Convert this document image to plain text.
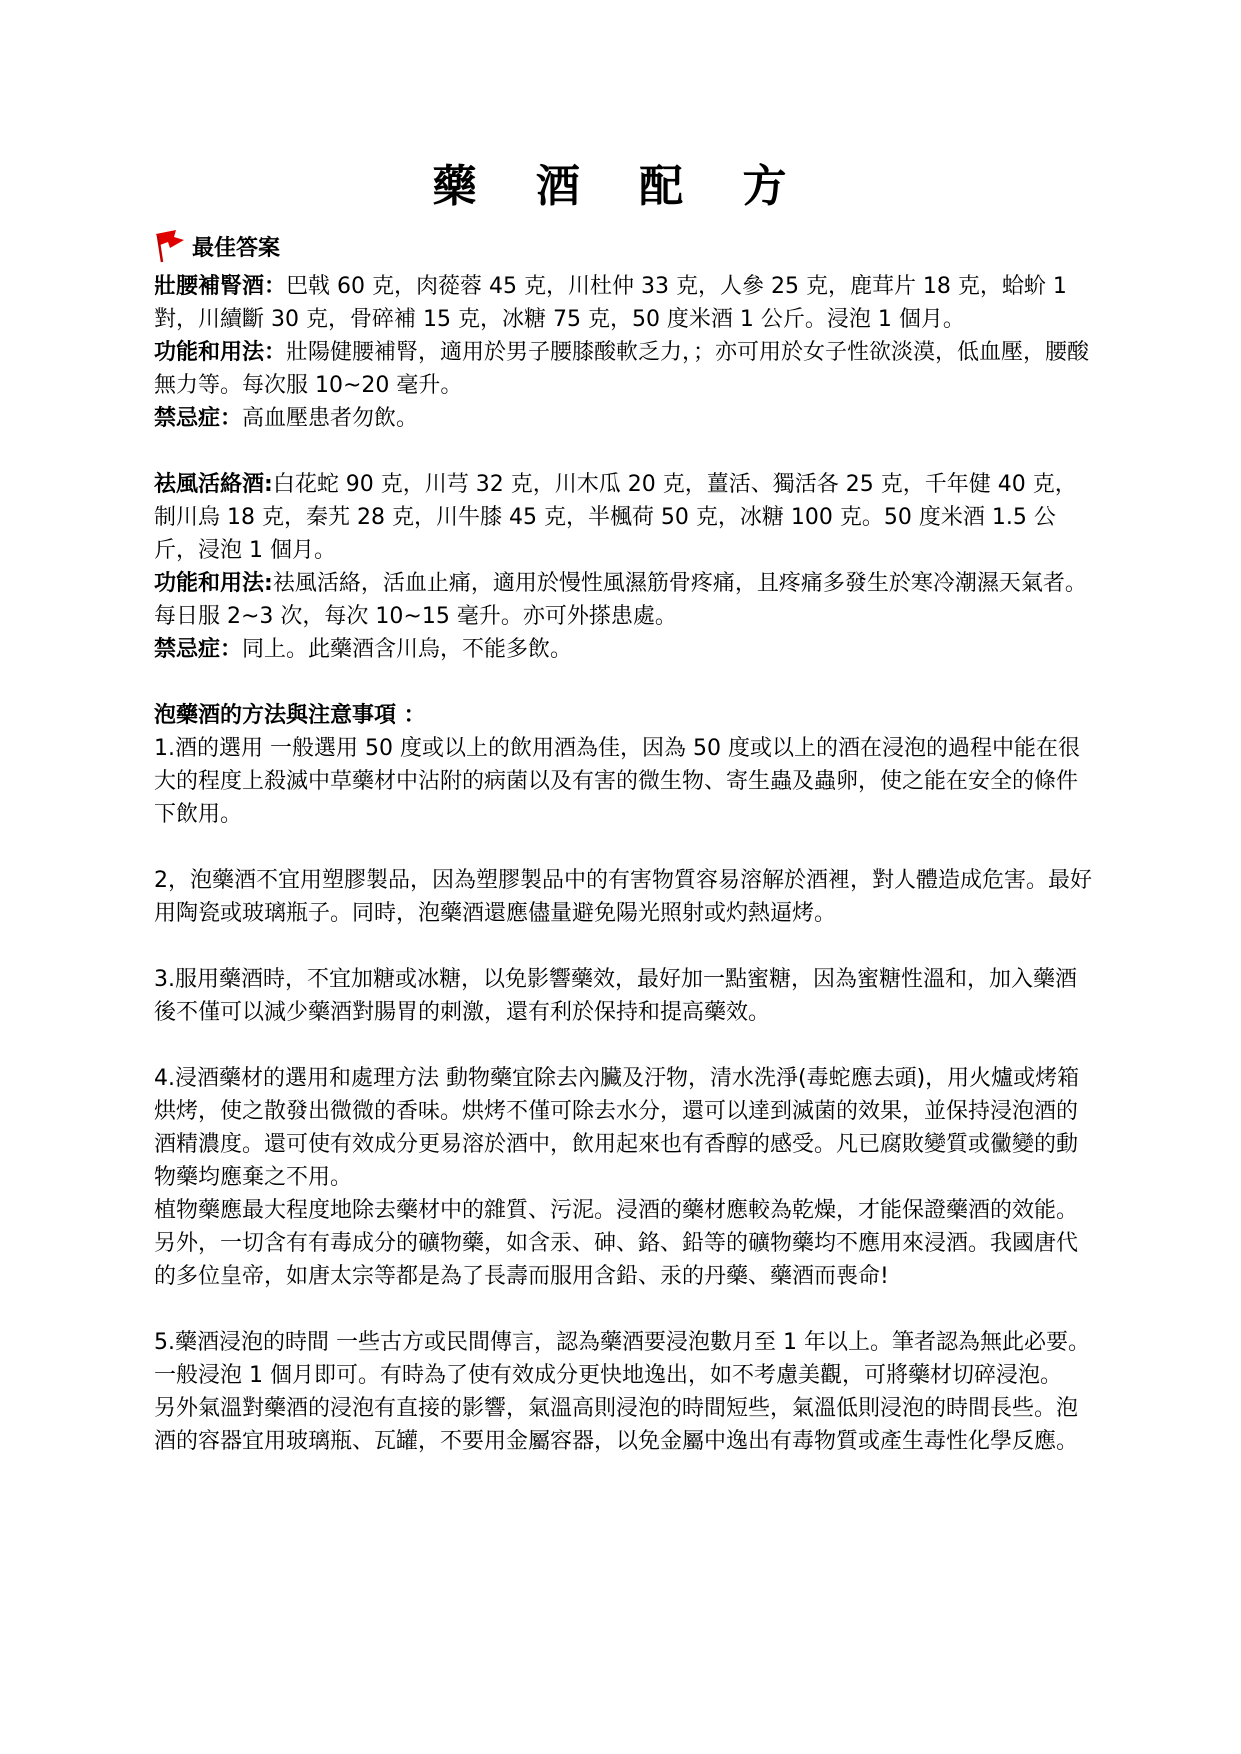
藥 酒 配 方
最佳答案

壯腰補腎酒：巴戟 60 克，肉蓯蓉 45 克，川杜仲 33 克，人參 25 克，鹿茸片 18 克，蛤蚧 1 對，川續斷 30 克，骨碎補 15 克，冰糖 75 克，50 度米酒 1 公斤。浸泡 1 個月。

功能和用法：壯陽健腰補腎，適用於男子腰膝酸軟乏力，；亦可用於女子性欲淡漠，低血壓，腰酸無力等。每次服 10~20 毫升。

禁忌症：高血壓患者勿飲。

祛風活絡酒:白花蛇 90 克，川芎 32 克，川木瓜 20 克，薑活、獨活各 25 克，千年健 40 克，制川烏 18 克，秦艽 28 克，川牛膝 45 克，半楓荷 50 克，冰糖 100 克。50 度米酒 1.5 公斤，浸泡 1 個月。

功能和用法:祛風活絡，活血止痛，適用於慢性風濕筋骨疼痛，且疼痛多發生於寒冷潮濕天氣者。每日服 2~3 次，每次 10~15 毫升。亦可外搽患處。

禁忌症：同上。此藥酒含川烏，不能多飲。

泡藥酒的方法與注意事項 ：

1.酒的選用 一般選用 50 度或以上的飲用酒為佳，因為 50 度或以上的酒在浸泡的過程中能在很大的程度上殺滅中草藥材中沾附的病菌以及有害的微生物、寄生蟲及蟲卵，使之能在安全的條件下飲用。

2，泡藥酒不宜用塑膠製品，因為塑膠製品中的有害物質容易溶解於酒裡，對人體造成危害。最好用陶瓷或玻璃瓶子。同時，泡藥酒還應儘量避免陽光照射或灼熱逼烤。

3.服用藥酒時，不宜加糖或冰糖，以免影響藥效，最好加一點蜜糖，因為蜜糖性溫和，加入藥酒後不僅可以減少藥酒對腸胃的刺激，還有利於保持和提高藥效。

4.浸酒藥材的選用和處理方法 動物藥宜除去內臟及汙物，清水洗淨(毒蛇應去頭)，用火爐或烤箱烘烤，使之散發出微微的香味。烘烤不僅可除去水分，還可以達到滅菌的效果，並保持浸泡酒的酒精濃度。還可使有效成分更易溶於酒中，飲用起來也有香醇的感受。凡已腐敗變質或黴變的動物藥均應棄之不用。

植物藥應最大程度地除去藥材中的雜質、污泥。浸酒的藥材應較為乾燥，才能保證藥酒的效能。

另外，一切含有有毒成分的礦物藥，如含汞、砷、鉻、鉛等的礦物藥均不應用來浸酒。我國唐代的多位皇帝，如唐太宗等都是為了長壽而服用含鉛、汞的丹藥、藥酒而喪命!

5.藥酒浸泡的時間 一些古方或民間傳言，認為藥酒要浸泡數月至 1 年以上。筆者認為無此必要。一般浸泡 1 個月即可。有時為了使有效成分更快地逸出，如不考慮美觀，可將藥材切碎浸泡。

另外氣溫對藥酒的浸泡有直接的影響，氣溫高則浸泡的時間短些，氣溫低則浸泡的時間長些。泡酒的容器宜用玻璃瓶、瓦罐，不要用金屬容器，以免金屬中逸出有毒物質或產生毒性化學反應。
